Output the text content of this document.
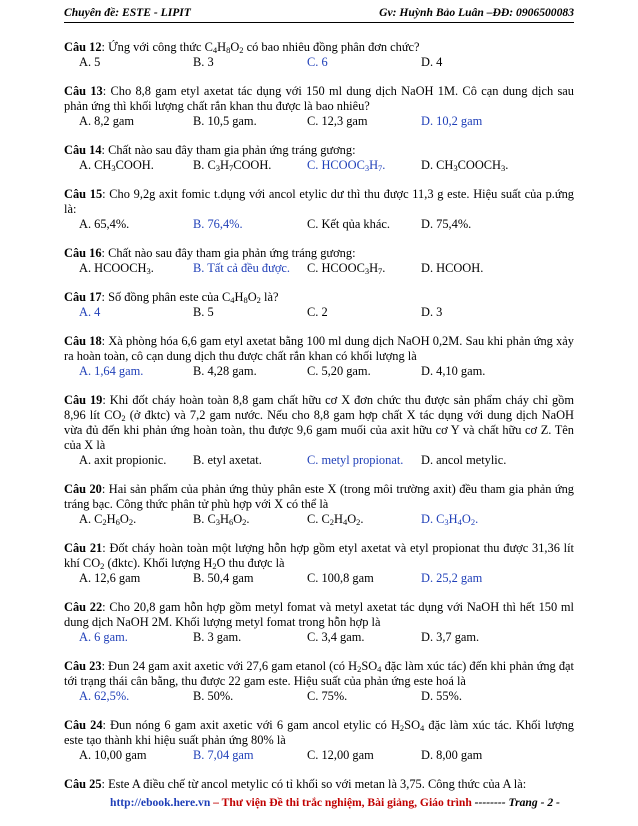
Chuyên đề: ESTE - LIPIT	Gv: Huỳnh Bảo Luân –ĐĐ: 0906500083
Câu 12: Ứng với công thức $C_4H_8O_2$ có bao nhiêu đồng phân đơn chức?
A. 5	B. 3	C. 6	D. 4
Câu 13: Cho 8,8 gam etyl axetat tác dụng với 150 ml dung dịch NaOH 1M. Cô cạn dung dịch sau phản ứng thì khối lượng chất rắn khan thu được là bao nhiêu?
A. 8,2 gam	B. 10,5 gam.	C. 12,3 gam	D. 10,2 gam
Câu 14: Chất nào sau đây tham gia phản ứng tráng gương:
A. $CH_3COOH$.	B. $C_3H_7COOH$.	C. $HCOOC_3H_7$.	D. $CH_3COOCH_3$.
Câu 15: Cho 9,2g axit fomic t.dụng với ancol etylic dư thì thu được 11,3 g este. Hiệu suất của p.ứng là:
A. 65,4%.	B. 76,4%.	C. Kết qủa khác.	D. 75,4%.
Câu 16: Chất nào sau đây tham gia phản ứng tráng gương:
A. $HCOOCH_3$.	B. Tất cả đều được.	C. $HCOOC_3H_7$.	D. HCOOH.
Câu 17: Số đồng phân este của $C_4H_8O_2$ là?
A. 4	B. 5	C. 2	D. 3
Câu 18: Xà phòng hóa 6,6 gam etyl axetat bằng 100 ml dung dịch NaOH 0,2M. Sau khi phản ứng xảy ra hoàn toàn, cô cạn dung dịch thu được chất rắn khan có khối lượng là
A. 1,64 gam.	B. 4,28 gam.	C. 5,20 gam.	D. 4,10 gam.
Câu 19: Khi đốt cháy hoàn toàn 8,8 gam chất hữu cơ X đơn chức thu được sản phẩm cháy chỉ gồm 8,96 lít $CO_2$ (ở đktc) và 7,2 gam nước. Nếu cho 8,8 gam hợp chất X tác dụng với dung dịch NaOH vừa đủ đến khi phản ứng hoàn toàn, thu được 9,6 gam muối của axit hữu cơ Y và chất hữu cơ Z. Tên của X là
A. axit propionic.	B. etyl axetat.	C. metyl propionat.	D. ancol metylic.
Câu 20: Hai sản phẩm của phản ứng thủy phân este X (trong môi trường axit) đều tham gia phản ứng tráng bạc. Công thức phân tử phù hợp với X có thể là
A. $C_2H_6O_2$.	B. $C_3H_6O_2$.	C. $C_2H_4O_2$.	D. $C_3H_4O_2$.
Câu 21: Đốt cháy hoàn toàn một lượng hỗn hợp gồm etyl axetat và etyl propionat thu được 31,36 lít khí $CO_2$ (đktc). Khối lượng $H_2O$ thu được là
A. 12,6 gam	B. 50,4 gam	C. 100,8 gam	D. 25,2 gam
Câu 22: Cho 20,8 gam hỗn hợp gồm metyl fomat và metyl axetat tác dụng với NaOH thì hết 150 ml dung dịch NaOH 2M. Khối lượng metyl fomat trong hỗn hợp là
A. 6 gam.	B. 3 gam.	C. 3,4 gam.	D. 3,7 gam.
Câu 23: Đun 24 gam axit axetic với 27,6 gam etanol (có $H_2SO_4$ đặc làm xúc tác) đến khi phản ứng đạt tới trạng thái cân bằng, thu được 22 gam este. Hiệu suất của phản ứng este hoá là
A. 62,5%.	B. 50%.	C. 75%.	D. 55%.
Câu 24: Đun nóng 6 gam axit axetic với 6 gam ancol etylic có $H_2SO_4$ đặc làm xúc tác. Khối lượng este tạo thành khi hiệu suất phản ứng 80% là
A. 10,00 gam	B. 7,04 gam	C. 12,00 gam	D. 8,00 gam
Câu 25: Este A điều chế từ ancol metylic có tỉ khối so với metan là 3,75. Công thức của A là:
http://ebook.here.vn – Thư viện Đề thi trắc nghiệm, Bài giảng, Giáo trình -------- Trang - 2 -
